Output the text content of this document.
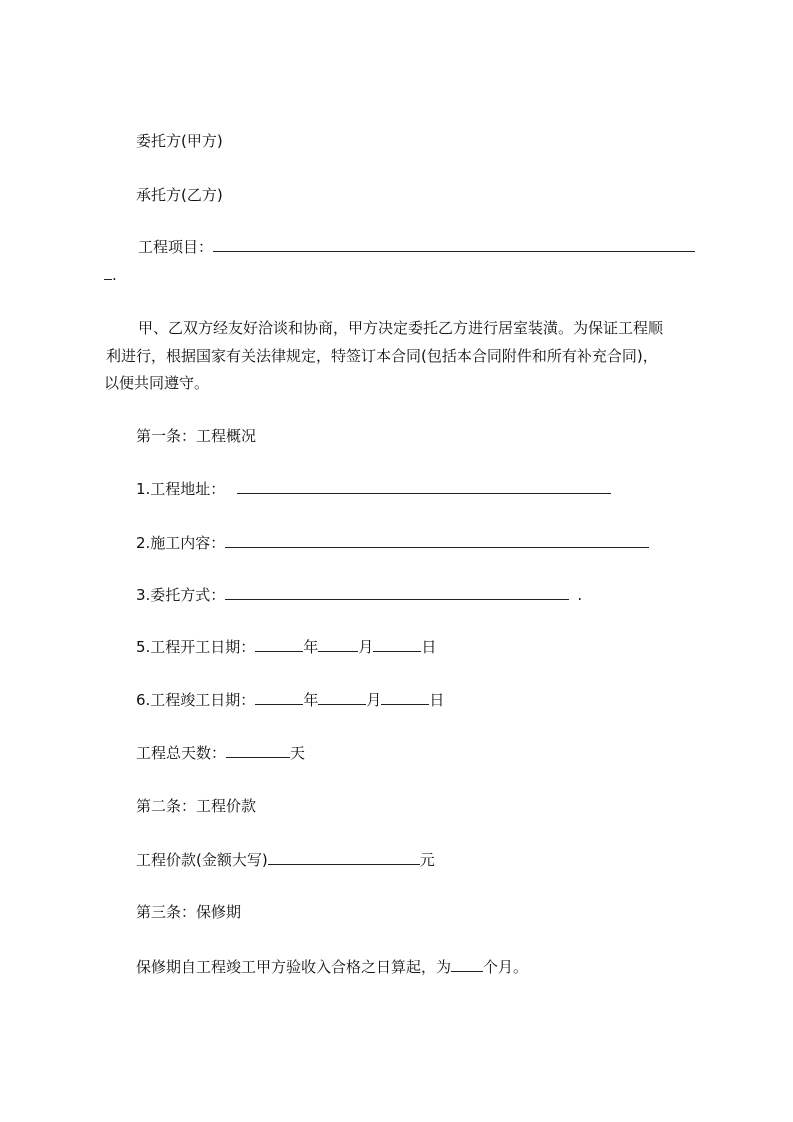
委托方(甲方)
承托方(乙方)
工程项目：
.
甲、乙双方经友好洽谈和协商，甲方决定委托乙方进行居室装潢。为保证工程顺
利进行，根据国家有关法律规定，特签订本合同(包括本合同附件和所有补充合同)，
以便共同遵守。
第一条：工程概况
1.工程地址：
2.施工内容：
3.委托方式：	.
5.工程开工日期：	年	月	日
6.工程竣工日期：	年	月	日
工程总天数：	天
第二条：工程价款
工程价款(金额大写)	元
第三条：保修期
保修期自工程竣工甲方验收入合格之日算起，为 个月。
